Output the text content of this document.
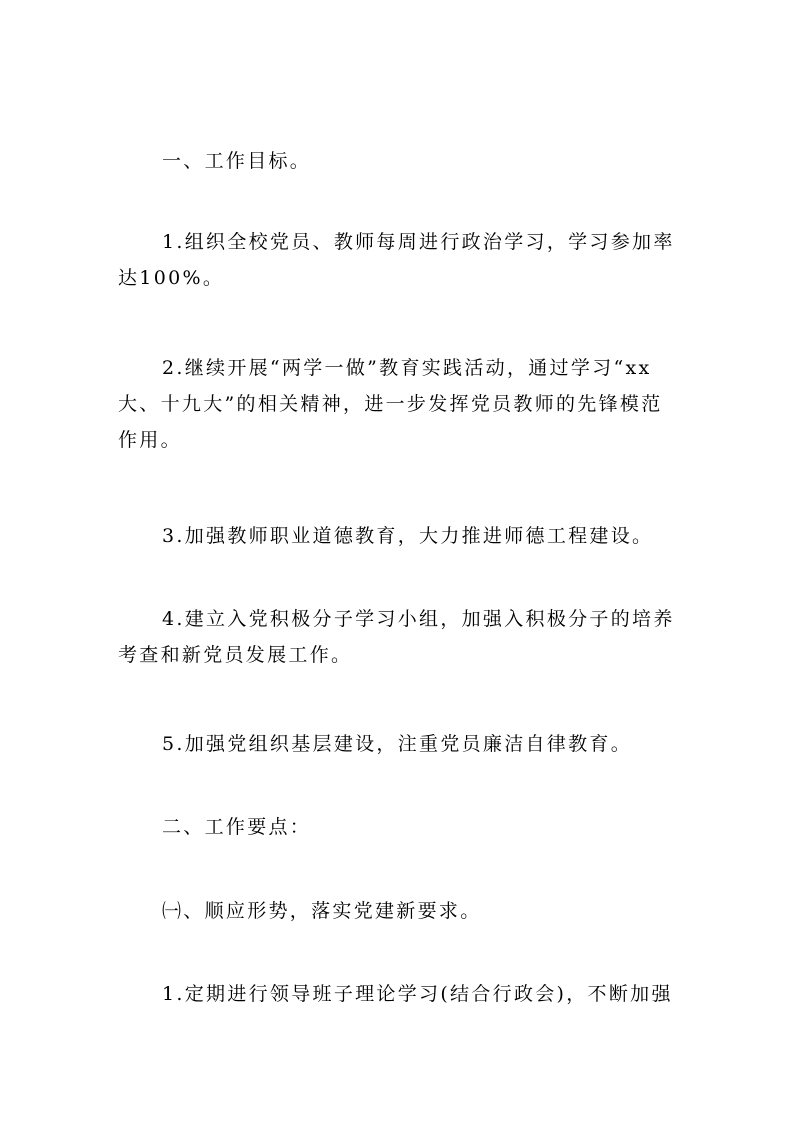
一、工作目标。

1.组织全校党员、教师每周进行政治学习，学习参加率达100%。

2.继续开展“两学一做”教育实践活动，通过学习“xx大、十九大”的相关精神，进一步发挥党员教师的先锋模范作用。

3.加强教师职业道德教育，大力推进师德工程建设。

4.建立入党积极分子学习小组，加强入积极分子的培养考查和新党员发展工作。

5.加强党组织基层建设，注重党员廉洁自律教育。

二、工作要点：

㈠、顺应形势，落实党建新要求。

1.定期进行领导班子理论学习(结合行政会)，不断加强
